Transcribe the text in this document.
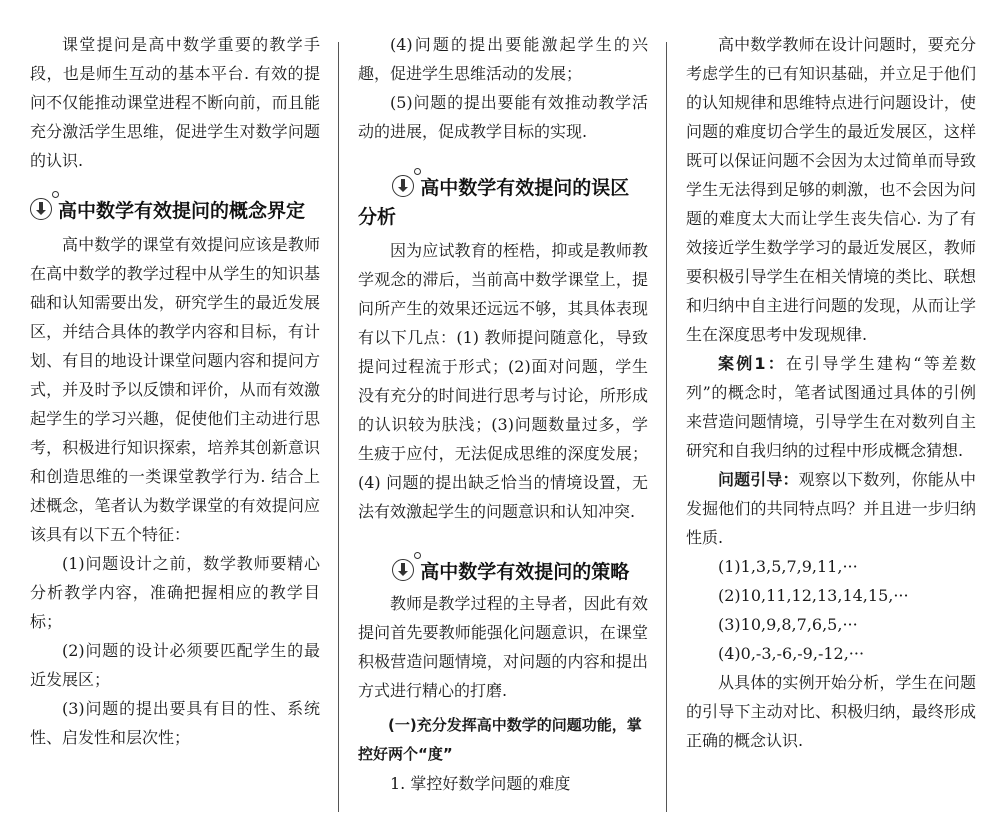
课堂提问是高中数学重要的教学手段，也是师生互动的基本平台. 有效的提问不仅能推动课堂进程不断向前，而且能充分激活学生思维，促进学生对数学问题的认识.

高中数学有效提问的概念界定

高中数学的课堂有效提问应该是教师在高中数学的教学过程中从学生的知识基础和认知需要出发，研究学生的最近发展区，并结合具体的教学内容和目标，有计划、有目的地设计课堂问题内容和提问方式，并及时予以反馈和评价，从而有效激起学生的学习兴趣，促使他们主动进行思考，积极进行知识探索，培养其创新意识和创造思维的一类课堂教学行为. 结合上述概念，笔者认为数学课堂的有效提问应该具有以下五个特征：

(1)问题设计之前，数学教师要精心分析教学内容，准确把握相应的教学目标；

(2)问题的设计必须要匹配学生的最近发展区；

(3)问题的提出要具有目的性、系统性、启发性和层次性；

(4)问题的提出要能激起学生的兴趣，促进学生思维活动的发展；

(5)问题的提出要能有效推动教学活动的进展，促成教学目标的实现.

高中数学有效提问的误区分析

因为应试教育的桎梏，抑或是教师教学观念的滞后，当前高中数学课堂上，提问所产生的效果还远远不够，其具体表现有以下几点：(1) 教师提问随意化，导致提问过程流于形式；(2)面对问题，学生没有充分的时间进行思考与讨论，所形成的认识较为肤浅；(3)问题数量过多，学生疲于应付，无法促成思维的深度发展；(4) 问题的提出缺乏恰当的情境设置，无法有效激起学生的问题意识和认知冲突.

高中数学有效提问的策略

教师是教学过程的主导者，因此有效提问首先要教师能强化问题意识，在课堂积极营造问题情境，对问题的内容和提出方式进行精心的打磨.

(一)充分发挥高中数学的问题功能，掌控好两个“度”

1. 掌控好数学问题的难度

高中数学教师在设计问题时，要充分考虑学生的已有知识基础，并立足于他们的认知规律和思维特点进行问题设计，使问题的难度切合学生的最近发展区，这样既可以保证问题不会因为太过简单而导致学生无法得到足够的刺激，也不会因为问题的难度太大而让学生丧失信心. 为了有效接近学生数学学习的最近发展区，教师要积极引导学生在相关情境的类比、联想和归纳中自主进行问题的发现，从而让学生在深度思考中发现规律.

案例1：在引导学生建构“等差数列”的概念时，笔者试图通过具体的引例来营造问题情境，引导学生在对数列自主研究和自我归纳的过程中形成概念猜想.

问题引导：观察以下数列，你能从中发掘他们的共同特点吗？并且进一步归纳性质.

(1)1,3,5,7,9,11,···

(2)10,11,12,13,14,15,···

(3)10,9,8,7,6,5,···

(4)0,-3,-6,-9,-12,···

从具体的实例开始分析，学生在问题的引导下主动对比、积极归纳，最终形成正确的概念认识.
